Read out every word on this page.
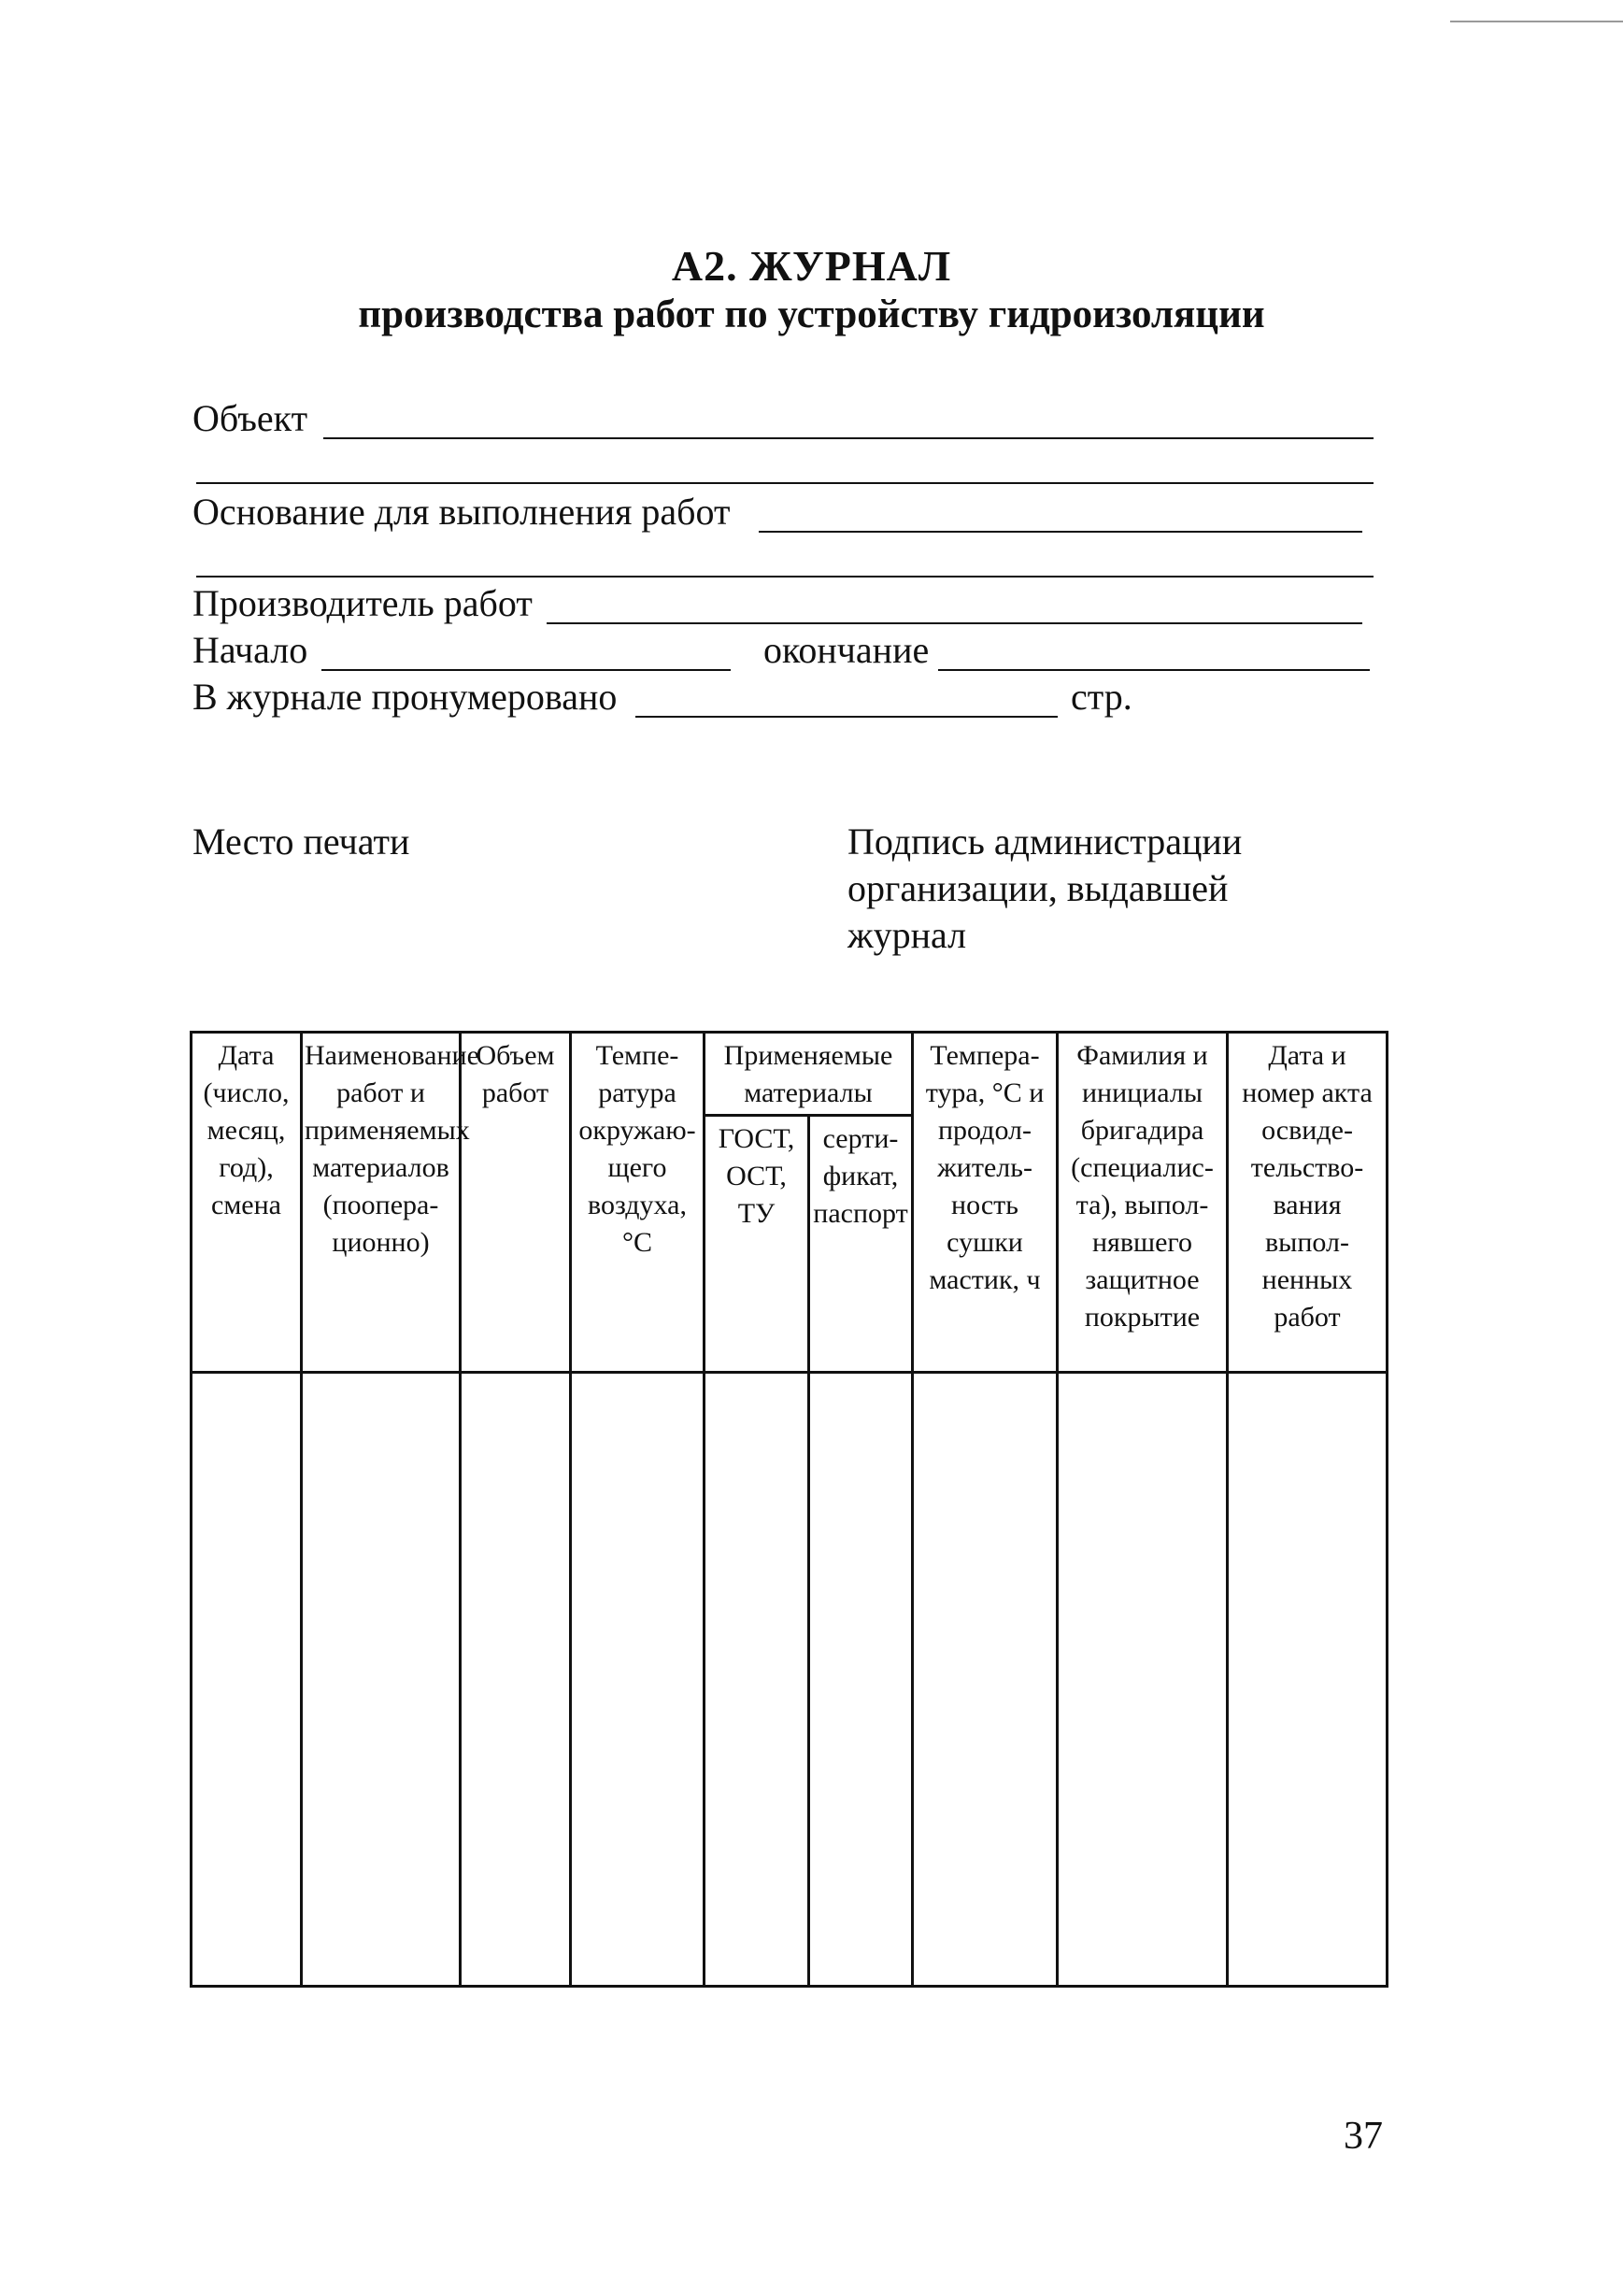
А2. ЖУРНАЛ
производства работ по устройству гидроизоляции
Объект
Основание для выполнения работ
Производитель работ
Начало	окончание
В журнале пронумеровано	стр.
Место печати	Подпись администрации
организации, выдавшей
журнал
Дата (число, месяц, год), смена	Наименование работ и применяемых материалов (пооперационно)	Объем работ	Температура окружающего воздуха, °С	Применяемые материалы		Температура, °С и продолжительность сушки мастик, ч	Фамилия и инициалы бригадира (специалиста), выполнявшего защитное покрытие	Дата и номер акта освидетельствования выполненных работ
				ГОСТ, ОСТ, ТУ	сертификат, паспорт			

37
